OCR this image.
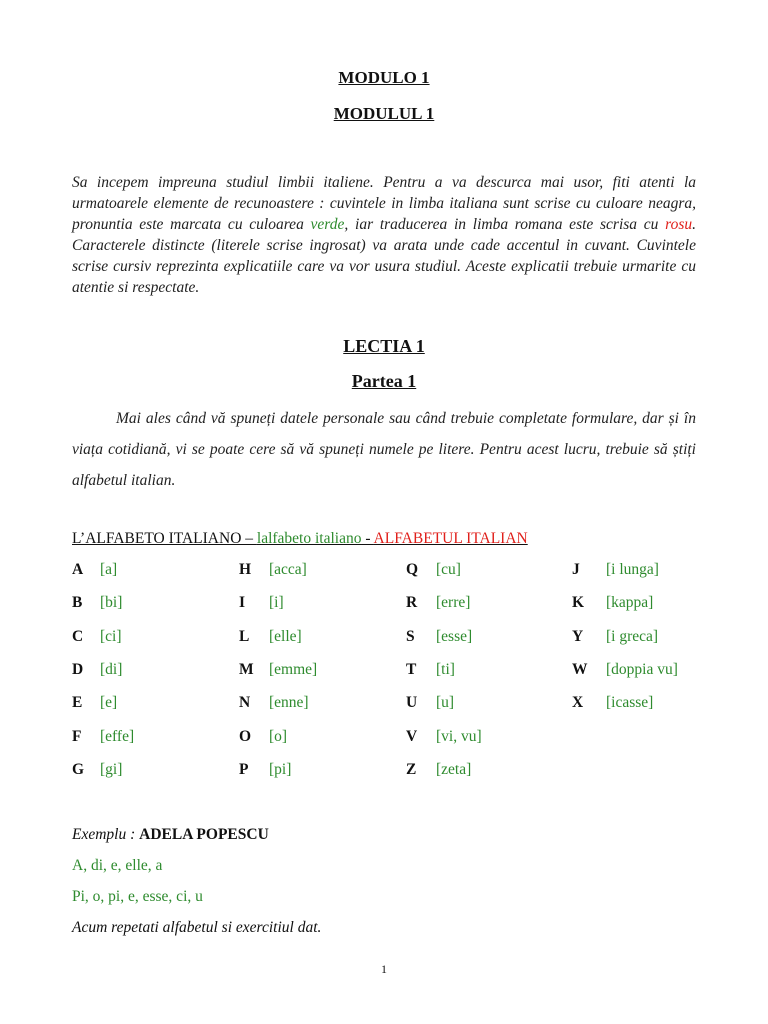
MODULO 1
MODULUL 1
Sa incepem impreuna studiul limbii italiene. Pentru a va descurca mai usor, fiti atenti la urmatoarele elemente de recunoastere : cuvintele in limba italiana sunt scrise cu culoare neagra, pronuntia este marcata cu culoarea verde, iar traducerea in limba romana este scrisa cu rosu. Caracterele distincte (literele scrise ingrosat) va arata unde cade accentul in cuvant. Cuvintele scrise cursiv reprezinta explicatiile care va vor usura studiul. Aceste explicatii trebuie urmarite cu atentie si respectate.
LECTIA 1
Partea 1
Mai ales când vă spuneți datele personale sau când trebuie completate formulare, dar și în viața cotidiană, vi se poate cere să vă spuneți numele pe litere. Pentru acest lucru, trebuie să știți alfabetul italian.
L’ALFABETO ITALIANO – lalfabeto italiano - ALFABETUL ITALIAN
A [a]
B [bi]
C [ci]
D [di]
E [e]
F [effe]
G [gi]
H [acca]
I [i]
L [elle]
M [emme]
N [enne]
O [o]
P [pi]
Q [cu]
R [erre]
S [esse]
T [ti]
U [u]
V [vi, vu]
Z [zeta]
J [i lunga]
K [kappa]
Y [i greca]
W [doppia vu]
X [icasse]
Exemplu : ADELA POPESCU
A, di, e, elle, a
Pi, o, pi, e, esse, ci, u
Acum repetati alfabetul si exercitiul dat.
1
